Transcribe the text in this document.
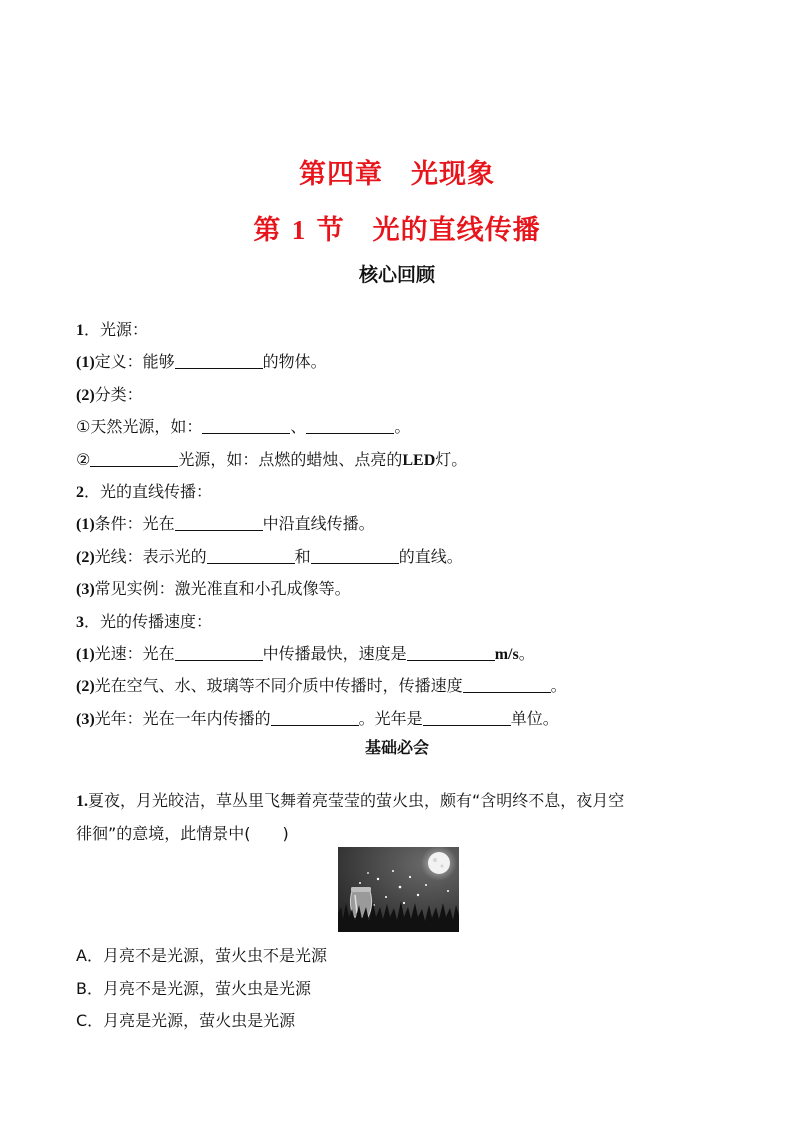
第四章　光现象
第 1 节　光的直线传播
核心回顾
1．光源：
(1)定义：能够	的物体。
(2)分类：
①天然光源，如：	、	。
②	光源，如：点燃的蜡烛、点亮的LED灯。
2．光的直线传播：
(1)条件：光在	中沿直线传播。
(2)光线：表示光的	和	的直线。
(3)常见实例：激光准直和小孔成像等。
3．光的传播速度：
(1)光速：光在	中传播最快，速度是	m/s。
(2)光在空气、水、玻璃等不同介质中传播时，传播速度	。
(3)光年：光在一年内传播的	。光年是	单位。
基础必会
1.夏夜，月光皎洁，草丛里飞舞着亮莹莹的萤火虫，颇有“含明终不息，夜月空
徘徊”的意境，此情景中(　　)
A．月亮不是光源，萤火虫不是光源
B．月亮不是光源，萤火虫是光源
C．月亮是光源，萤火虫是光源
